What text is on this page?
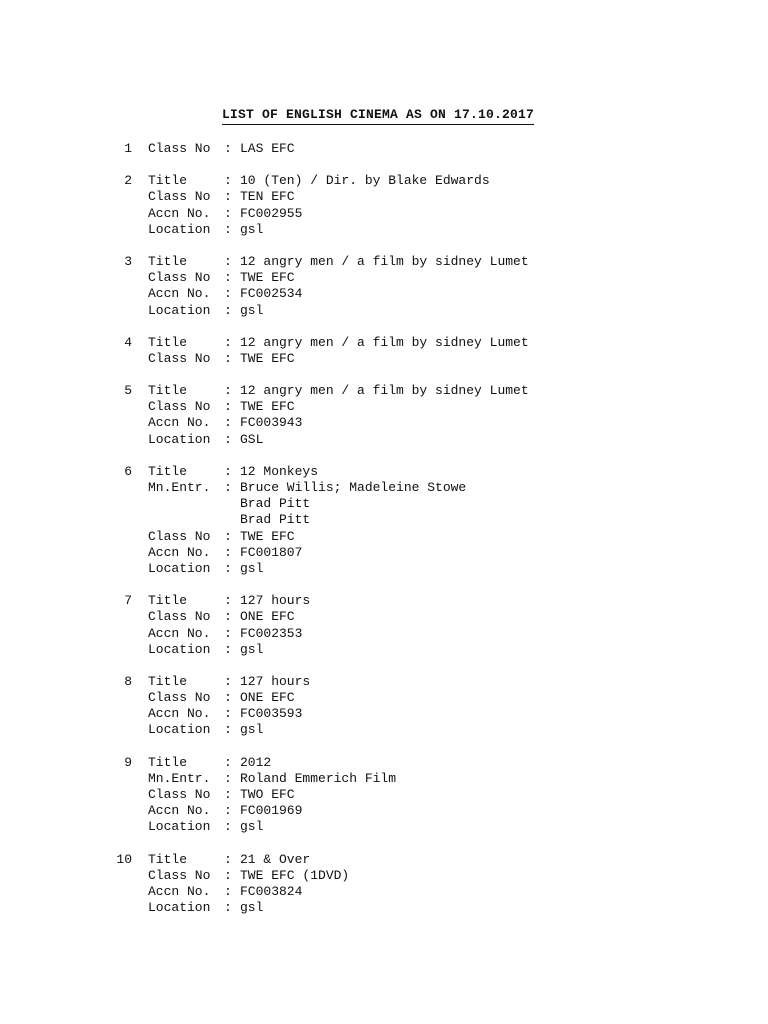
LIST OF ENGLISH CINEMA AS ON 17.10.2017
1 Class No : LAS EFC
2 Title	: 10 (Ten) / Dir. by Blake Edwards
Class No : TEN EFC
Accn No. : FC002955
Location : gsl
3 Title	: 12 angry men / a film by sidney Lumet
Class No : TWE EFC
Accn No. : FC002534
Location : gsl
4 Title	: 12 angry men / a film by sidney Lumet
Class No : TWE EFC
5 Title	: 12 angry men / a film by sidney Lumet
Class No : TWE EFC
Accn No. : FC003943
Location : GSL
6 Title	: 12 Monkeys
Mn.Entr. : Bruce Willis; Madeleine Stowe
Brad Pitt
Brad Pitt
Class No : TWE EFC
Accn No. : FC001807
Location : gsl
7 Title	: 127 hours
Class No : ONE EFC
Accn No. : FC002353
Location : gsl
8 Title	: 127 hours
Class No : ONE EFC
Accn No. : FC003593
Location : gsl
9 Title	: 2012
Mn.Entr. : Roland Emmerich Film
Class No : TWO EFC
Accn No. : FC001969
Location : gsl
10 Title	: 21 & Over
Class No : TWE EFC (1DVD)
Accn No. : FC003824
Location : gsl
